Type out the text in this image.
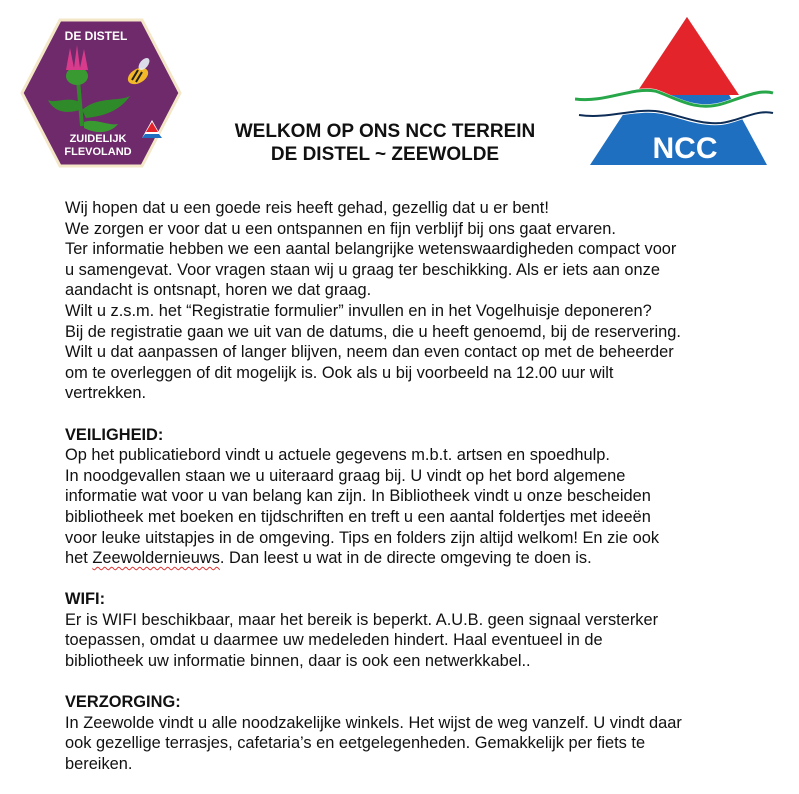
DE DISTEL
ZUIDELIJK
FLEVOLAND	NCC
WELKOM OP ONS NCC TERREIN
DE DISTEL ~ ZEEWOLDE

Wij hopen dat u een goede reis heeft gehad, gezellig dat u er bent!

We zorgen er voor dat u een ontspannen en fijn verblijf bij ons gaat ervaren.

Ter informatie hebben we een aantal belangrijke wetenswaardigheden compact voor

u samengevat. Voor vragen staan wij u graag ter beschikking. Als er iets aan onze

aandacht is ontsnapt, horen we dat graag.

Wilt u z.s.m. het “Registratie formulier” invullen en in het Vogelhuisje deponeren?

Bij de registratie gaan we uit van de datums, die u heeft genoemd, bij de reservering.

Wilt u dat aanpassen of langer blijven, neem dan even contact op met de beheerder

om te overleggen of dit mogelijk is. Ook als u bij voorbeeld na 12.00 uur wilt

vertrekken.

VEILIGHEID:

Op het publicatiebord vindt u actuele gegevens m.b.t. artsen en spoedhulp.

In noodgevallen staan we u uiteraard graag bij. U vindt op het bord algemene

informatie wat voor u van belang kan zijn. In Bibliotheek vindt u onze bescheiden

bibliotheek met boeken en tijdschriften en treft u een aantal foldertjes met ideeën

voor leuke uitstapjes in de omgeving. Tips en folders zijn altijd welkom! En zie ook

het Zeewoldernieuws. Dan leest u wat in de directe omgeving te doen is.

WIFI:

Er is WIFI beschikbaar, maar het bereik is beperkt. A.U.B. geen signaal versterker

toepassen, omdat u daarmee uw medeleden hindert. Haal eventueel in de

bibliotheek uw informatie binnen, daar is ook een netwerkkabel..

VERZORGING:

In Zeewolde vindt u alle noodzakelijke winkels. Het wijst de weg vanzelf. U vindt daar

ook gezellige terrasjes, cafetaria’s en eetgelegenheden. Gemakkelijk per fiets te

bereiken.
